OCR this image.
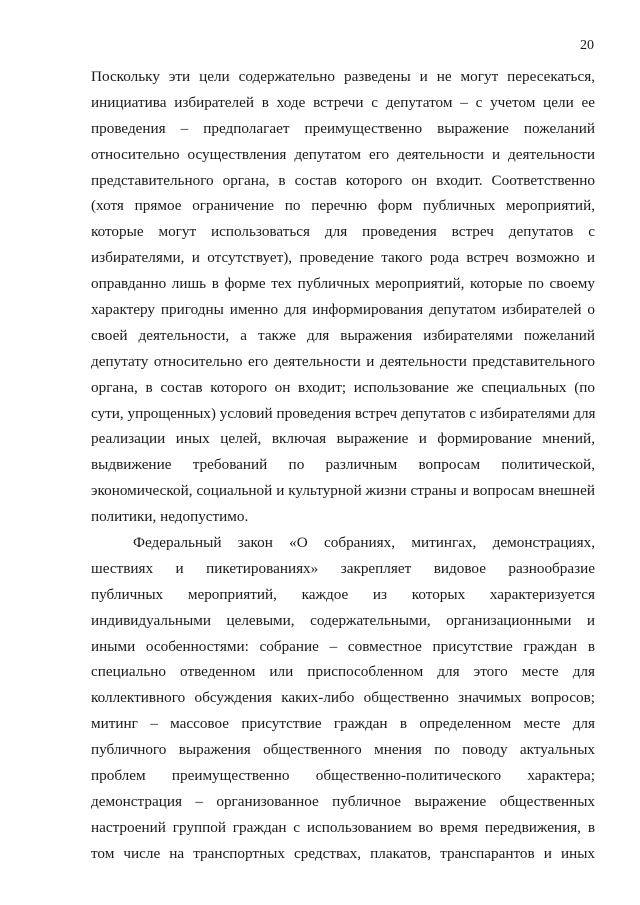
20
Поскольку эти цели содержательно разведены и не могут пересекаться,
инициатива избирателей в ходе встречи с депутатом – с учетом цели ее
проведения – предполагает преимущественно выражение пожеланий
относительно осуществления депутатом его деятельности и деятельности
представительного органа, в состав которого он входит. Соответственно
(хотя прямое ограничение по перечню форм публичных мероприятий,
которые могут использоваться для проведения встреч депутатов с
избирателями, и отсутствует), проведение такого рода встреч возможно и
оправданно лишь в форме тех публичных мероприятий, которые по своему
характеру пригодны именно для информирования депутатом избирателей о
своей деятельности, а также для выражения избирателями пожеланий
депутату относительно его деятельности и деятельности представительного
органа, в состав которого он входит; использование же специальных (по
сути, упрощенных) условий проведения встреч депутатов с избирателями для
реализации иных целей, включая выражение и формирование мнений,
выдвижение требований по различным вопросам политической,
экономической, социальной и культурной жизни страны и вопросам внешней
политики, недопустимо.
Федеральный закон «О собраниях, митингах, демонстрациях,
шествиях и пикетированиях» закрепляет видовое разнообразие
публичных мероприятий, каждое из которых характеризуется
индивидуальными целевыми, содержательными, организационными и
иными особенностями: собрание – совместное присутствие граждан в
специально отведенном или приспособленном для этого месте для
коллективного обсуждения каких-либо общественно значимых вопросов;
митинг – массовое присутствие граждан в определенном месте для
публичного выражения общественного мнения по поводу актуальных
проблем преимущественно общественно-политического характера;
демонстрация – организованное публичное выражение общественных
настроений группой граждан с использованием во время передвижения, в
том числе на транспортных средствах, плакатов, транспарантов и иных
